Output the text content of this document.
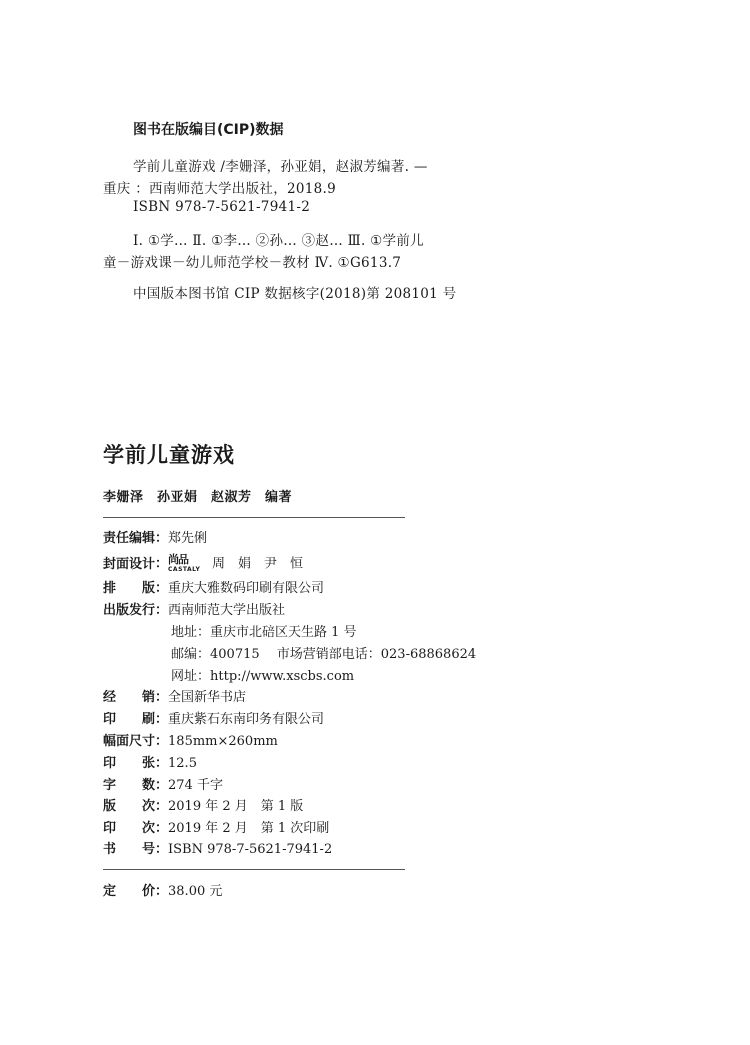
图书在版编目(CIP)数据
学前儿童游戏 /李姗泽，孙亚娟，赵淑芳编著. —
重庆 ：西南师范大学出版社，2018.9
ISBN 978-7-5621-7941-2
Ⅰ. ①学… Ⅱ. ①李… ②孙… ③赵… Ⅲ. ①学前儿
童－游戏课－幼儿师范学校－教材 Ⅳ. ①G613.7
中国版本图书馆 CIP 数据核字(2018)第 208101 号
学前儿童游戏
李姗泽　孙亚娟　赵淑芳　编著
责任编辑：郑先俐
封面设计： 尚品
CASTALY 周　娟　尹　恒
排版：重庆大雅数码印刷有限公司
出版发行：西南师范大学出版社
地址：重庆市北碚区天生路 1 号
邮编：400715　 市场营销部电话：023-68868624
网址：http://www.xscbs.com
经销：全国新华书店
印刷：重庆紫石东南印务有限公司
幅面尺寸：185mm×260mm
印张：12.5
字数：274 千字
版次：2019 年 2 月　第 1 版
印次：2019 年 2 月　第 1 次印刷
书号：ISBN 978-7-5621-7941-2
定价：38.00 元
